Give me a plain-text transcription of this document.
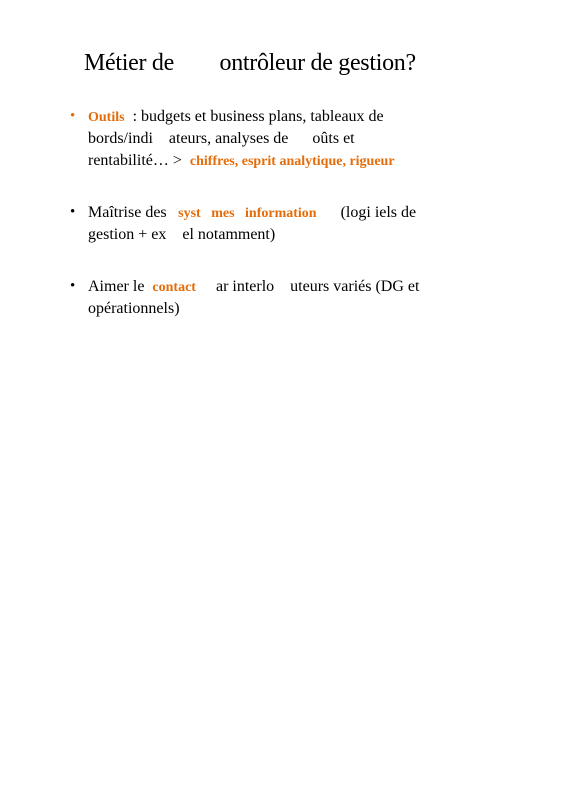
Métier de        ontrôleur de gestion?
• Outils  : budgets et business plans, tableaux de
bords/indi    ateurs, analyses de      oûts et
rentabilité… >  chiffres, esprit analytique, rigueur
• Maîtrise des   syst   mes   information      (logi iels de
gestion + ex    el notamment)
• Aimer le  contact     ar interlo    uteurs variés (DG et
opérationnels)
